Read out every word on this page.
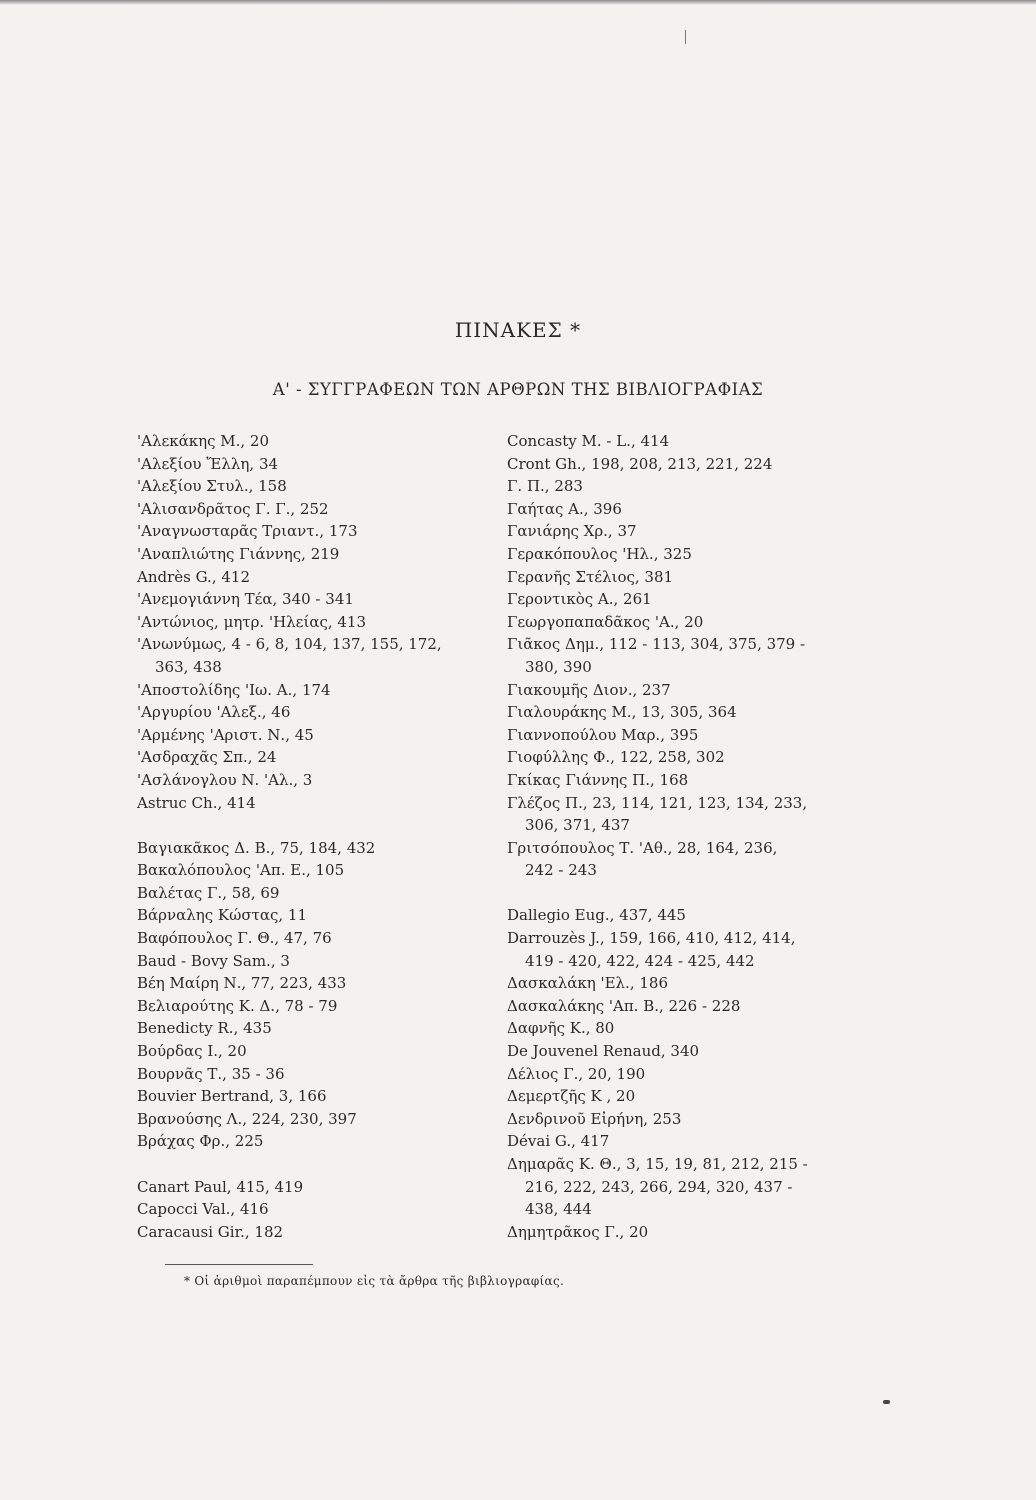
ΠΙΝΑΚΕΣ *
Α' - ΣΥΓΓΡΑΦΕΩΝ ΤΩΝ ΑΡΘΡΩΝ ΤΗΣ ΒΙΒΛΙΟΓΡΑΦΙΑΣ

'Αλεκάκης Μ., 20

'Αλεξίου Ἔλλη, 34

'Αλεξίου Στυλ., 158

'Αλισανδρᾶτος Γ. Γ., 252

'Αναγνωσταρᾶς Τριαντ., 173

'Αναπλιώτης Γιάννης, 219

Andrès G., 412

'Ανεμογιάννη Τέα, 340 - 341

'Αντώνιος, μητρ. 'Ηλείας, 413

'Ανωνύμως, 4 - 6, 8, 104, 137, 155, 172,
363, 438

'Αποστολίδης 'Ιω. Α., 174

'Αργυρίου 'Αλεξ., 46

'Αρμένης 'Αριστ. Ν., 45

'Ασδραχᾶς Σπ., 24

'Ασλάνογλου Ν. 'Αλ., 3

Astruc Ch., 414

Βαγιακᾶκος Δ. Β., 75, 184, 432

Βακαλόπουλος 'Απ. Ε., 105

Βαλέτας Γ., 58, 69

Βάρναλης Κώστας, 11

Βαφόπουλος Γ. Θ., 47, 76

Baud - Bovy Sam., 3

Βέη Μαίρη Ν., 77, 223, 433

Βελιαρούτης Κ. Δ., 78 - 79

Benedicty R., 435

Βούρδας Ι., 20

Βουρνᾶς Τ., 35 - 36

Bouvier Bertrand, 3, 166

Βρανούσης Λ., 224, 230, 397

Βράχας Φρ., 225

Canart Paul, 415, 419

Capocci Val., 416

Caracausi Gir., 182

Concasty M. - L., 414

Cront Gh., 198, 208, 213, 221, 224

Γ. Π., 283

Γαήτας Α., 396

Γανιάρης Χρ., 37

Γερακόπουλος 'Ηλ., 325

Γερανῆς Στέλιος, 381

Γεροντικὸς Α., 261

Γεωργοπαπαδᾶκος 'Α., 20

Γιᾶκος Δημ., 112 - 113, 304, 375, 379 -
380, 390

Γιακουμῆς Διον., 237

Γιαλουράκης Μ., 13, 305, 364

Γιαννοπούλου Μαρ., 395

Γιοφύλλης Φ., 122, 258, 302

Γκίκας Γιάννης Π., 168

Γλέζος Π., 23, 114, 121, 123, 134, 233,
306, 371, 437

Γριτσόπουλος Τ. 'Αθ., 28, 164, 236,
242 - 243

Dallegio Eug., 437, 445

Darrouzès J., 159, 166, 410, 412, 414,
419 - 420, 422, 424 - 425, 442

Δασκαλάκη 'Ελ., 186

Δασκαλάκης 'Απ. Β., 226 - 228

Δαφνῆς Κ., 80

De Jouvenel Renaud, 340

Δέλιος Γ., 20, 190

Δεμερτζῆς Κ , 20

Δενδρινοῦ Εἰρήνη, 253

Dévai G., 417

Δημαρᾶς Κ. Θ., 3, 15, 19, 81, 212, 215 -
216, 222, 243, 266, 294, 320, 437 -

438, 444

Δημητρᾶκος Γ., 20

* Οἱ ἀριθμοὶ παραπέμπουν εἰς τὰ ἄρθρα τῆς βιβλιογραφίας.
